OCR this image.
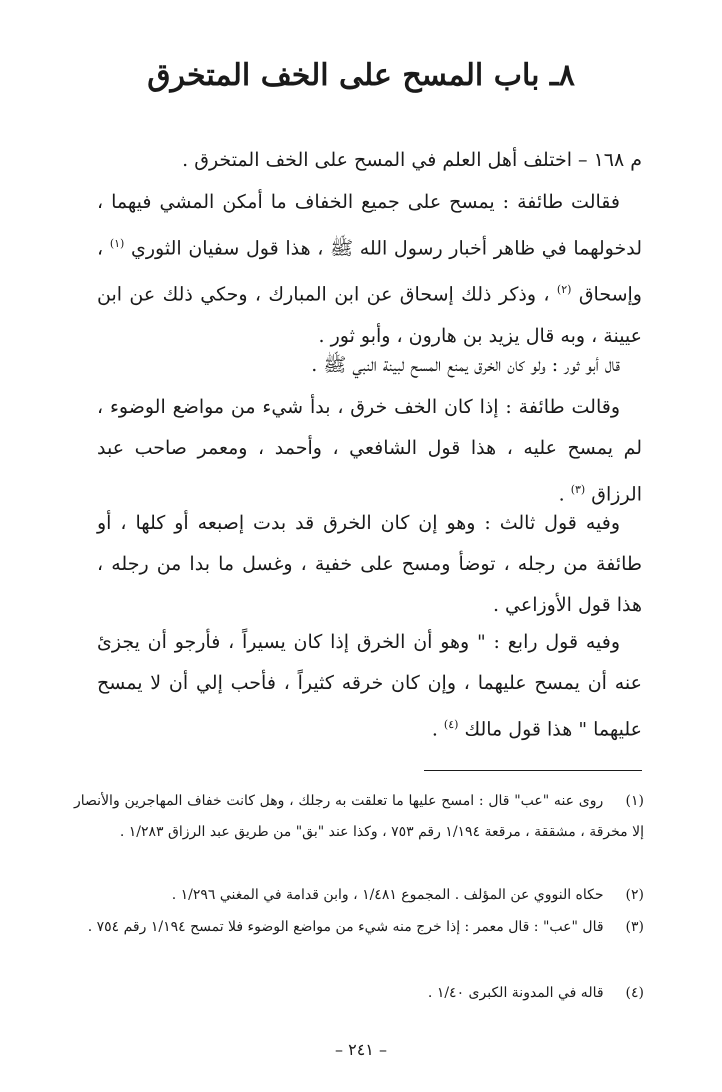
٨ـ باب المسح على الخف المتخرق

م ١٦٨ – اختلف أهل العلم في المسح على الخف المتخرق .

فقالت طائفة : يمسح على جميع الخفاف ما أمكن المشي فيهما ، لدخولهما في ظاهر أخبار رسول الله ﷺ ، هذا قول سفيان الثوري $^{(١)}$ ، وإسحاق $^{(٢)}$ ، وذكر ذلك إسحاق عن ابن المبارك ، وحكي ذلك عن ابن عيينة ، وبه قال يزيد بن هارون ، وأبو ثور .

قال أبو ثور : ولو كان الخرق يمنع المسح لبينة النبي ﷺ .

وقالت طائفة : إذا كان الخف خرق ، بدأ شيء من مواضع الوضوء ، لم يمسح عليه ، هذا قول الشافعي ، وأحمد ، ومعمر صاحب عبد الرزاق $^{(٣)}$ .

وفيه قول ثالث : وهو إن كان الخرق قد بدت إصبعه أو كلها ، أو طائفة من رجله ، توضأ ومسح على خفية ، وغسل ما بدا من رجله ، هذا قول الأوزاعي .

وفيه قول رابع : " وهو أن الخرق إذا كان يسيراً ، فأرجو أن يجزئ عنه أن يمسح عليهما ، وإن كان خرقه كثيراً ، فأحب إلي أن لا يمسح عليهما " هذا قول مالك $^{(٤)}$ .

(١) روى عنه "عب" قال : امسح عليها ما تعلقت به رجلك ، وهل كانت خفاف المهاجرين والأنصار إلا مخرقة ، مشققة ، مرقعة ١/١٩٤ رقم ٧٥٣ ، وكذا عند "بق" من طريق عبد الرزاق ١/٢٨٣ .

(٢) حكاه النووي عن المؤلف . المجموع ١/٤٨١ ، وابن قدامة في المغني ١/٢٩٦ .

(٣) قال "عب" : قال معمر : إذا خرج منه شيء من مواضع الوضوء فلا تمسح ١/١٩٤ رقم ٧٥٤ .

(٤) قاله في المدونة الكبرى ١/٤٠ .

– ٢٤١ –
